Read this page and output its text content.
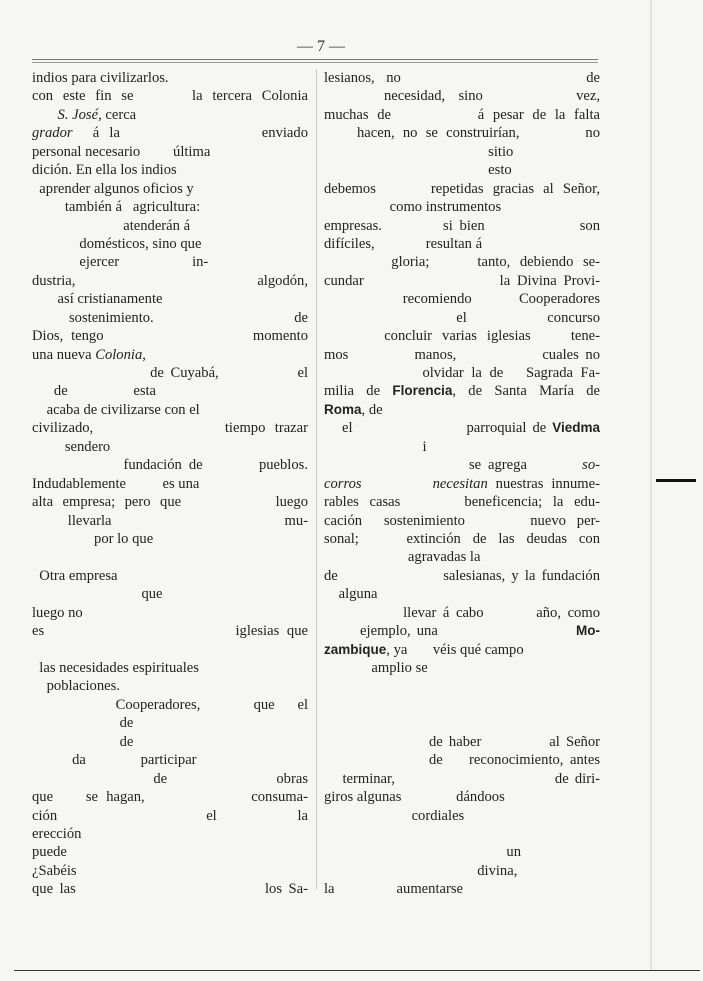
— 7 —
indios para civilizarlos.
con este fin se      la tercera Colonia
S. José, cerca
grador  á la              enviado
personal necesario         última
dición. En ella los indios
aprender algunos oficios y
también á   agricultura:
atenderán á
domésticos, sino que
ejercer                    in-
dustria,                             algodón,
así cristianamente
sostenimiento.                   de
Dios, tengo                   momento
una nueva Colonia,
de Cuyabá,            el
de                  esta
acaba de civilizarse con el
civilizado,              tiempo trazar
sendero
fundación de        pueblos.
Indudablemente          es una
alta empresa; pero que          luego
llevarla                             mu-
por lo que
Otra empresa
que
luego no
es                         iglesias que
las necesidades espirituales
poblaciones.
Cooperadores,       que   el
de
de
da               participar
de                  obras
que    se hagan,             consuma-
ción                        el             la
erección
puede
¿Sabéis
que las                             los Sa-
lesianos,  no                                de
necesidad,  sino              vez,
muchas de          á pesar de la falta
hacen, no se construirían,        no
sitio
esto
debemos      repetidas gracias al Señor,
como instrumentos
empresas.         si bien              son
difíciles,              resultan á
gloria;     tanto, debiendo se-
cundar                    la Divina Provi-
recomiendo      Cooperadores
el              concurso
concluir varias iglesias    tene-
mos          manos,             cuales no
olvidar la de   Sagrada Fa-
milia de Florencia, de Santa María de
Roma, de
el                   parroquial de Viedma
i
se agrega        so-
corros	necesitan nuestras innume-
rables casas      beneficencia; la edu-
cación  sostenimiento      nuevo per-
sonal;    extinción de las deudas con
agravadas la
de                 salesianas, y la fundación
alguna
llevar á cabo        año, como
ejemplo, una                       Mo-
zambique, ya       véis qué campo
amplio se
de haber           al Señor
de    reconocimiento, antes
terminar,                          de diri-
giros algunas               dándoos
cordiales
un
divina,
la                 aumentarse
